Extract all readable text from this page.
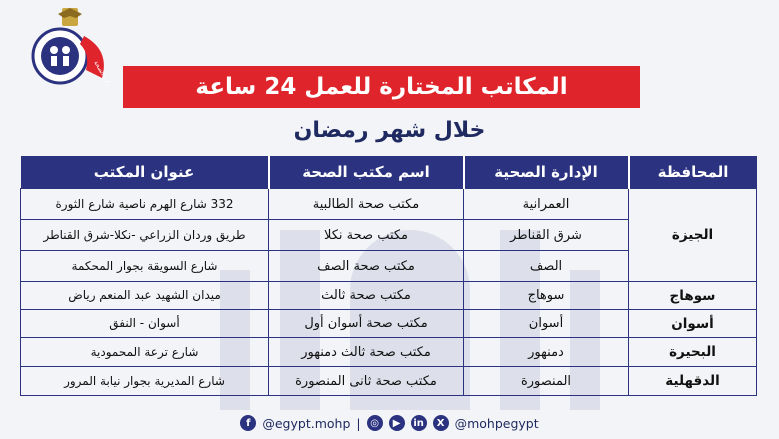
وزارة الصحة	المكاتب المختارة للعمل 24 ساعة
خلال شهر رمضان
المحافظة	الإدارة الصحية	اسم مكتب الصحة	عنوان المكتب
الجيزة	العمرانية	مكتب صحة الطالبية	332 شارع الهرم ناصية شارع الثورة
	شرق القناطر	مكتب صحة نكلا	طريق وردان الزراعي -نكلا-شرق القناطر
	الصف	مكتب صحة الصف	شارع السويقة بجوار المحكمة
سوهاج	سوهاج	مكتب صحة ثالث	ميدان الشهيد عبد المنعم رياض
أسوان	أسوان	مكتب صحة أسوان أول	أسوان - النفق
البحيرة	دمنهور	مكتب صحة ثالث دمنهور	شارع ترعة المحمودية
الدقهلية	المنصورة	مكتب صحة ثانى المنصورة	شارع المديرية بجوار نيابة المرور
f @egypt.mohp | ◎	▶	in	X @mohpegypt
